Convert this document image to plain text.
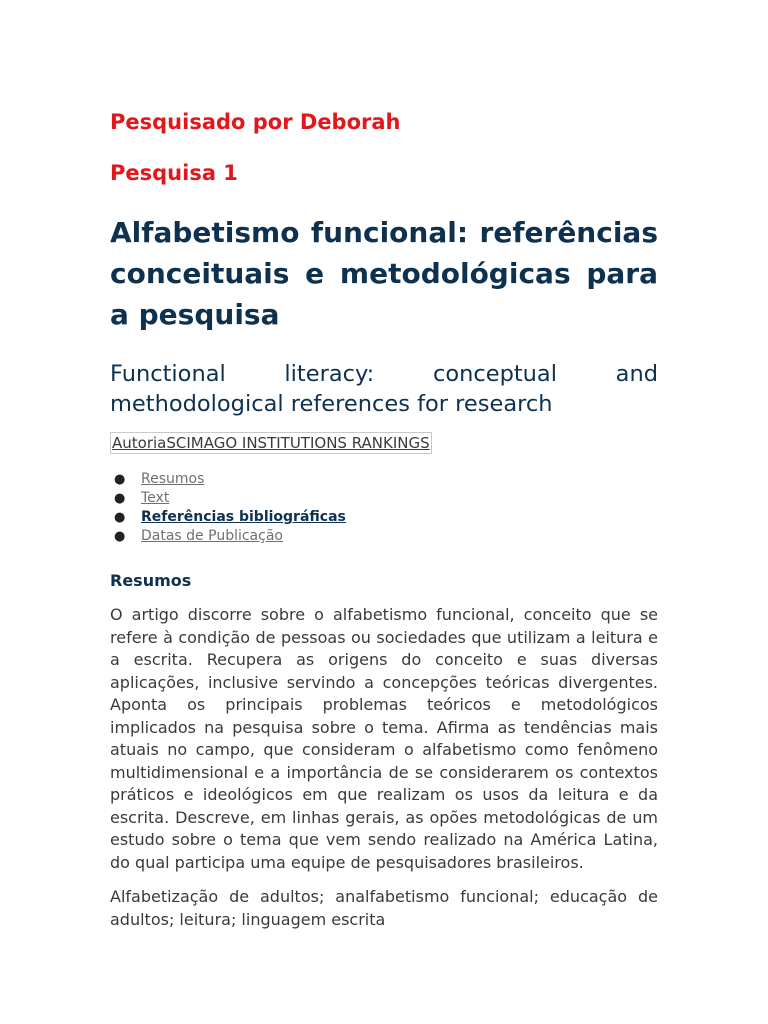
Pesquisado por Deborah
Pesquisa 1
Alfabetismo funcional: referências conceituais e metodológicas para a pesquisa

Functional literacy: conceptual and methodological references for research

AutoriaSCIMAGO INSTITUTIONS RANKINGS
● Resumos
● Text
● Referências bibliográficas
● Datas de Publicação
Resumos

O artigo discorre sobre o alfabetismo funcional, conceito que se refere à condição de pessoas ou sociedades que utilizam a leitura e a escrita. Recupera as origens do conceito e suas diversas aplicações, inclusive servindo a concepções teóricas divergentes. Aponta os principais problemas teóricos e metodológicos implicados na pesquisa sobre o tema. Afirma as tendências mais atuais no campo, que consideram o alfabetismo como fenômeno multidimensional e a importância de se considerarem os contextos práticos e ideológicos em que realizam os usos da leitura e da escrita. Descreve, em linhas gerais, as opões metodológicas de um estudo sobre o tema que vem sendo realizado na América Latina, do qual participa uma equipe de pesquisadores brasileiros.

Alfabetização de adultos; analfabetismo funcional; educação de adultos; leitura; linguagem escrita
